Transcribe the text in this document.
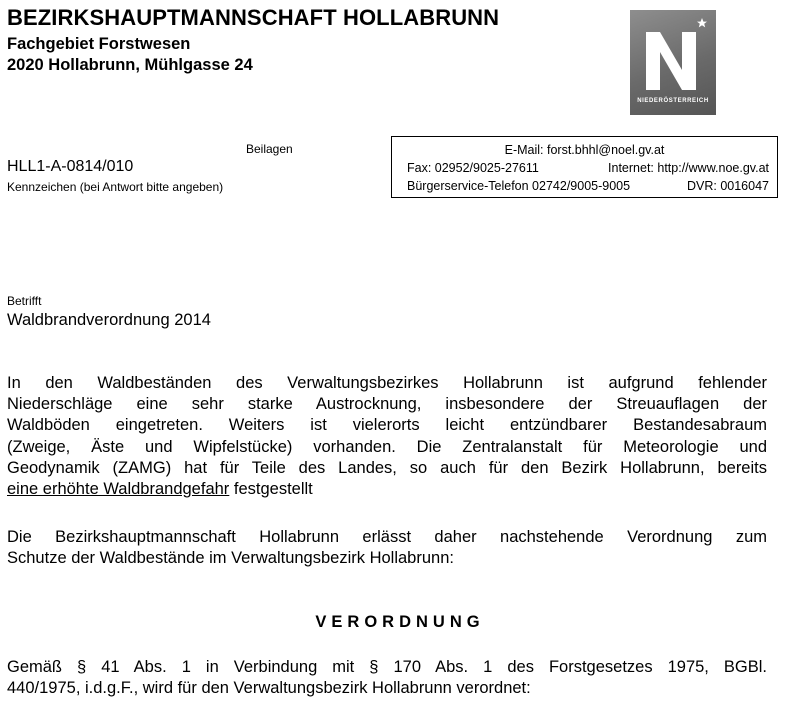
BEZIRKSHAUPTMANNSCHAFT HOLLABRUNN
Fachgebiet Forstwesen
2020 Hollabrunn, Mühlgasse 24
NIEDERÖSTERREICH
Beilagen
HLL1-A-0814/010
Kennzeichen (bei Antwort bitte angeben)
E-Mail: forst.bhhl@noel.gv.at
Fax: 02952/9025-27611	Internet: http://www.noe.gv.at
Bürgerservice-Telefon 02742/9005-9005	DVR: 0016047
Betrifft
Waldbrandverordnung 2014
In den Waldbeständen des Verwaltungsbezirkes Hollabrunn ist aufgrund fehlender
Niederschläge eine sehr starke Austrocknung, insbesondere der Streuauflagen der
Waldböden eingetreten. Weiters ist vielerorts leicht entzündbarer Bestandesabraum
(Zweige, Äste und Wipfelstücke) vorhanden. Die Zentralanstalt für Meteorologie und
Geodynamik (ZAMG) hat für Teile des Landes, so auch für den Bezirk Hollabrunn, bereits
eine erhöhte Waldbrandgefahr festgestellt
Die Bezirkshauptmannschaft Hollabrunn erlässt daher nachstehende Verordnung zum
Schutze der Waldbestände im Verwaltungsbezirk Hollabrunn:
VERORDNUNG
Gemäß § 41 Abs. 1 in Verbindung mit § 170 Abs. 1 des Forstgesetzes 1975, BGBl.
440/1975, i.d.g.F., wird für den Verwaltungsbezirk Hollabrunn verordnet:
